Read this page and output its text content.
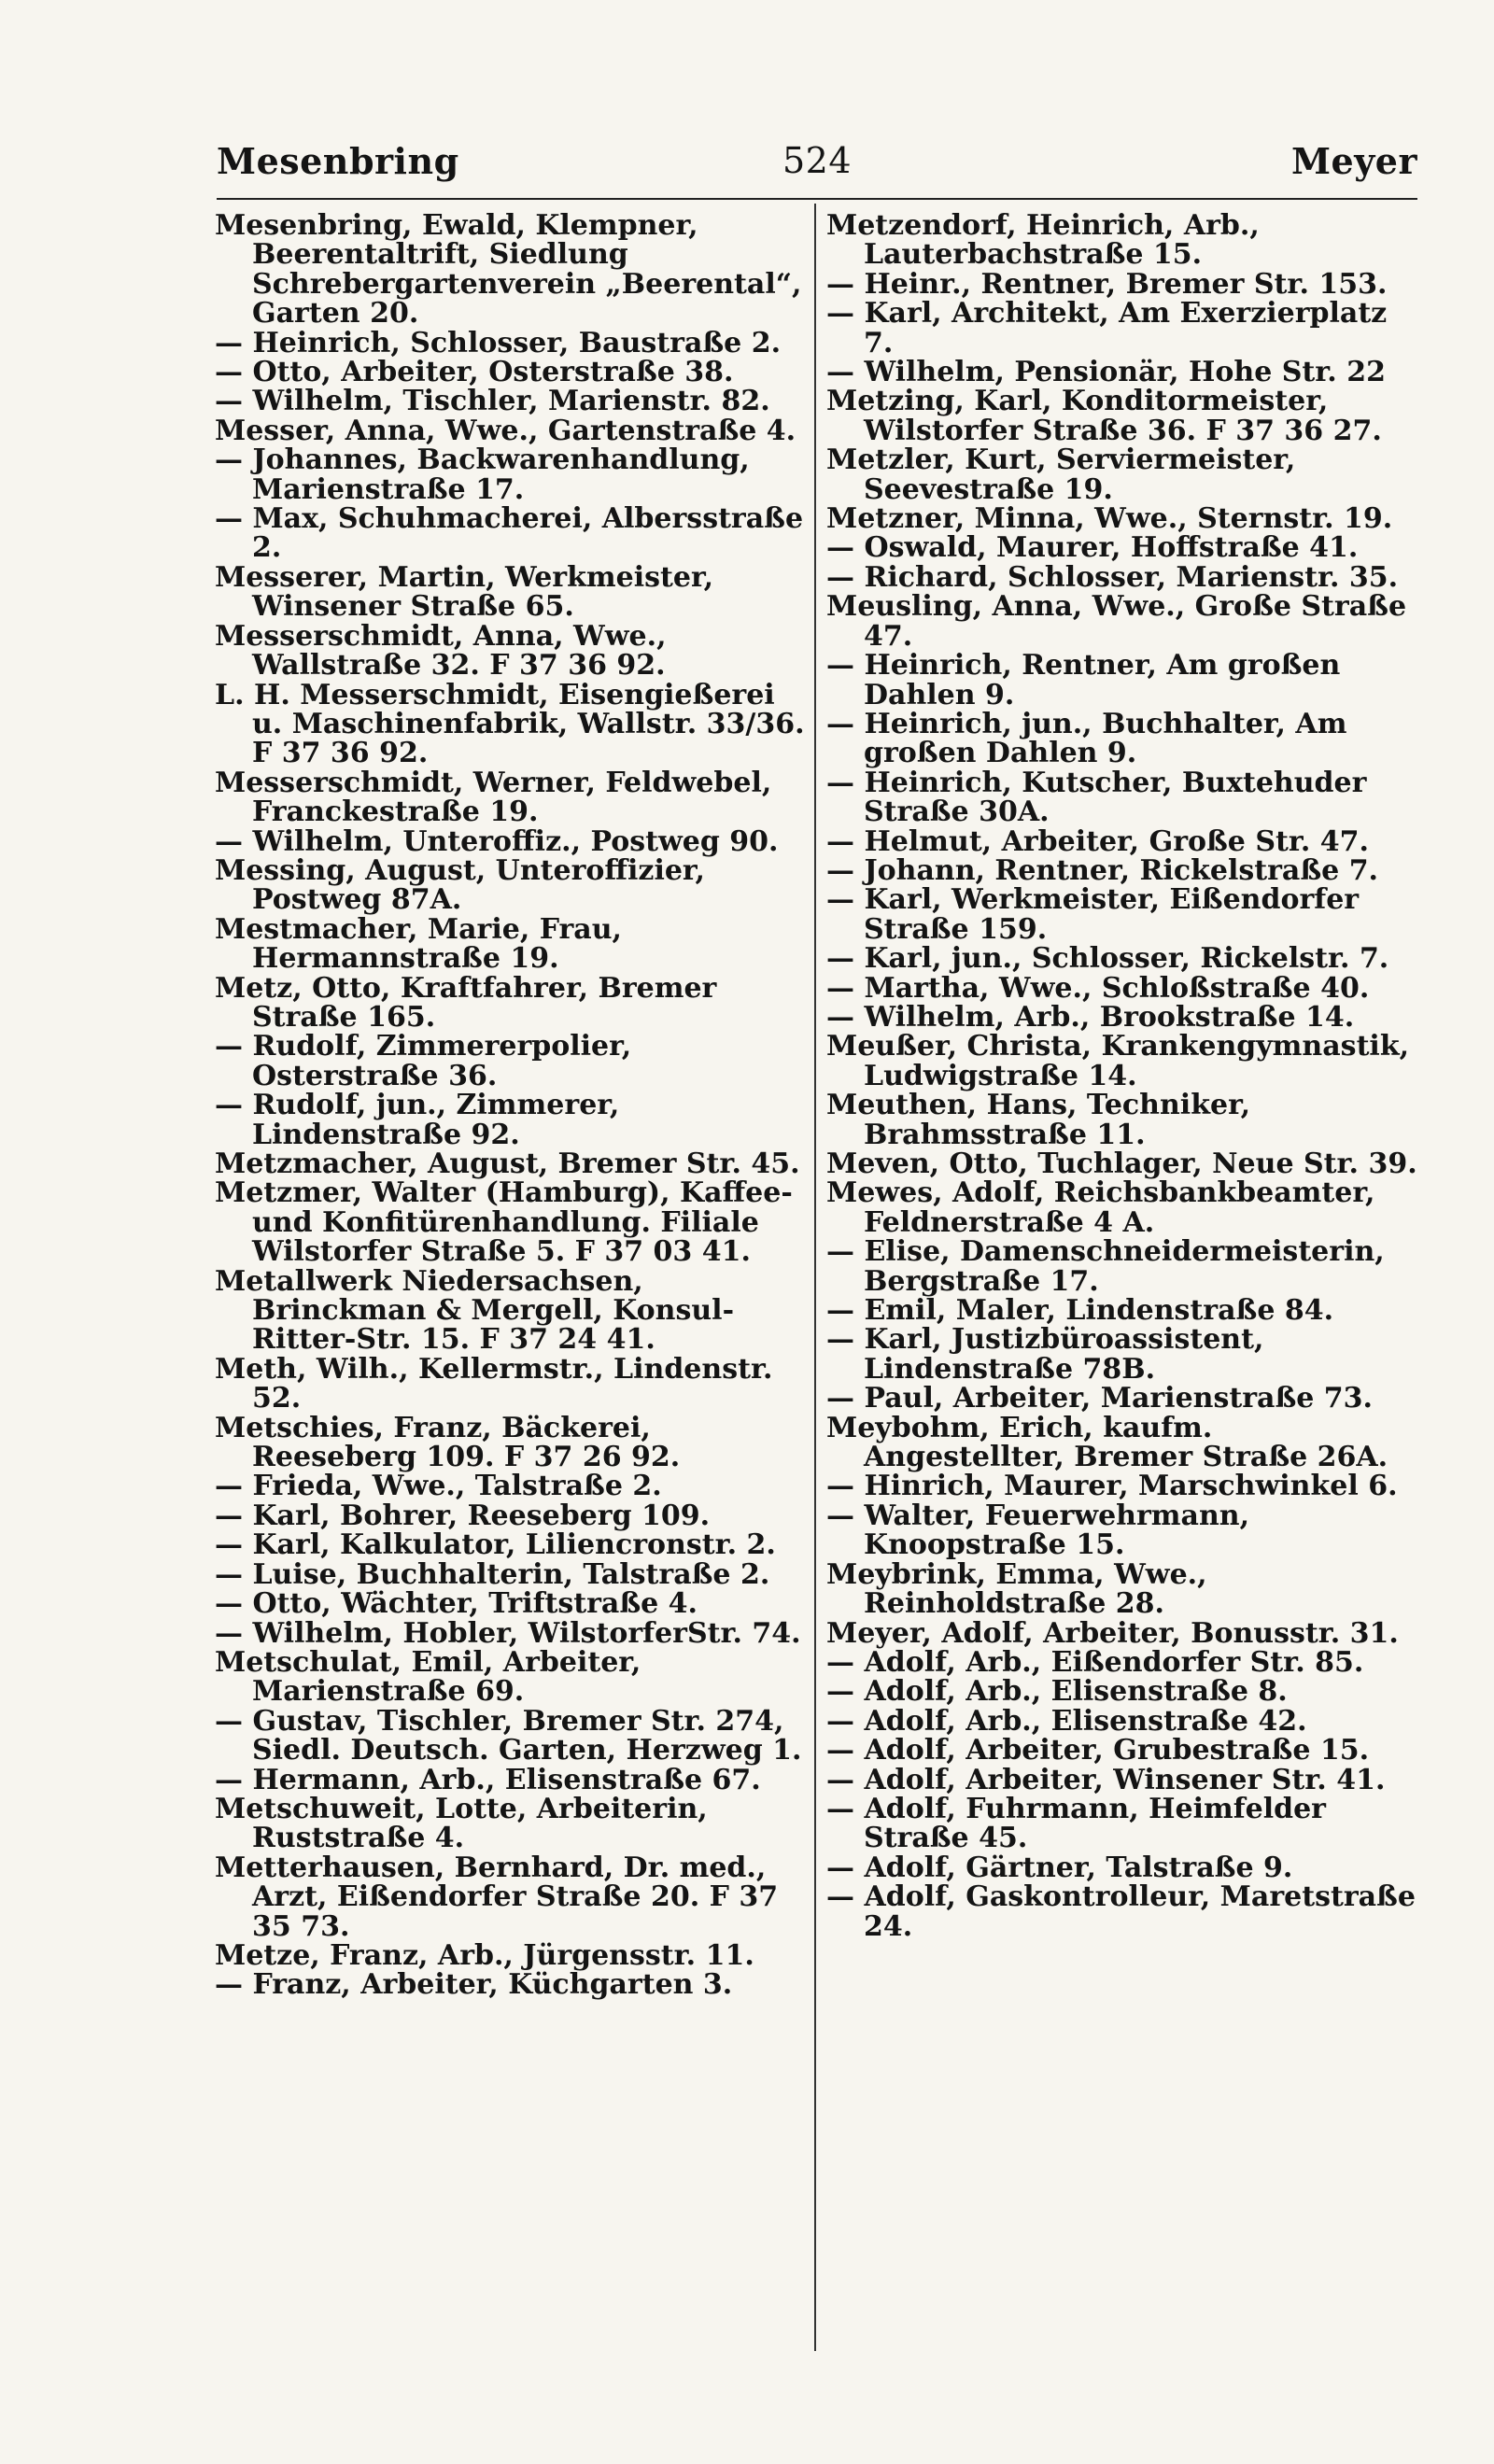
Mesenbring	524	Meyer

Mesenbring, Ewald, Klempner, Beerentaltrift, Siedlung Schrebergartenverein „Beerental“, Garten 20.

— Heinrich, Schlosser, Baustraße 2.

— Otto, Arbeiter, Osterstraße 38.

— Wilhelm, Tischler, Marienstr. 82.

Messer, Anna, Wwe., Gartenstraße 4.

— Johannes, Backwarenhandlung, Marienstraße 17.

— Max, Schuhmacherei, Albersstraße 2.

Messerer, Martin, Werkmeister, Winsener Straße 65.

Messerschmidt, Anna, Wwe., Wallstraße 32. F 37 36 92.

L. H. Messerschmidt, Eisengießerei u. Maschinenfabrik, Wallstr. 33/36. F 37 36 92.

Messerschmidt, Werner, Feldwebel, Franckestraße 19.

— Wilhelm, Unteroffiz., Postweg 90.

Messing, August, Unteroffizier, Postweg 87A.

Mestmacher, Marie, Frau, Hermannstraße 19.

Metz, Otto, Kraftfahrer, Bremer Straße 165.

— Rudolf, Zimmererpolier, Osterstraße 36.

— Rudolf, jun., Zimmerer, Lindenstraße 92.

Metzmacher, August, Bremer Str. 45.

Metzmer, Walter (Hamburg), Kaffee- und Konfitürenhandlung. Filiale Wilstorfer Straße 5. F 37 03 41.

Metallwerk Niedersachsen, Brinckman & Mergell, Konsul-Ritter-Str. 15. F 37 24 41.

Meth, Wilh., Kellermstr., Lindenstr. 52.

Metschies, Franz, Bäckerei, Reeseberg 109. F 37 26 92.

— Frieda, Wwe., Talstraße 2.

— Karl, Bohrer, Reeseberg 109.

— Karl, Kalkulator, Liliencronstr. 2.

— Luise, Buchhalterin, Talstraße 2.

— Otto, Wächter, Triftstraße 4.

— Wilhelm, Hobler, WilstorferStr. 74.

Metschulat, Emil, Arbeiter, Marienstraße 69.

— Gustav, Tischler, Bremer Str. 274, Siedl. Deutsch. Garten, Herzweg 1.

— Hermann, Arb., Elisenstraße 67.

Metschuweit, Lotte, Arbeiterin, Ruststraße 4.

Metterhausen, Bernhard, Dr. med., Arzt, Eißendorfer Straße 20. F 37 35 73.

Metze, Franz, Arb., Jürgensstr. 11.

— Franz, Arbeiter, Küchgarten 3.

Metzendorf, Heinrich, Arb., Lauterbachstraße 15.

— Heinr., Rentner, Bremer Str. 153.

— Karl, Architekt, Am Exerzierplatz 7.

— Wilhelm, Pensionär, Hohe Str. 22

Metzing, Karl, Konditormeister, Wilstorfer Straße 36. F 37 36 27.

Metzler, Kurt, Serviermeister, Seevestraße 19.

Metzner, Minna, Wwe., Sternstr. 19.

— Oswald, Maurer, Hoffstraße 41.

— Richard, Schlosser, Marienstr. 35.

Meusling, Anna, Wwe., Große Straße 47.

— Heinrich, Rentner, Am großen Dahlen 9.

— Heinrich, jun., Buchhalter, Am großen Dahlen 9.

— Heinrich, Kutscher, Buxtehuder Straße 30A.

— Helmut, Arbeiter, Große Str. 47.

— Johann, Rentner, Rickelstraße 7.

— Karl, Werkmeister, Eißendorfer Straße 159.

— Karl, jun., Schlosser, Rickelstr. 7.

— Martha, Wwe., Schloßstraße 40.

— Wilhelm, Arb., Brookstraße 14.

Meußer, Christa, Krankengymnastik, Ludwigstraße 14.

Meuthen, Hans, Techniker, Brahmsstraße 11.

Meven, Otto, Tuchlager, Neue Str. 39.

Mewes, Adolf, Reichsbankbeamter, Feldnerstraße 4 A.

— Elise, Damenschneidermeisterin, Bergstraße 17.

— Emil, Maler, Lindenstraße 84.

— Karl, Justizbüroassistent, Lindenstraße 78B.

— Paul, Arbeiter, Marienstraße 73.

Meybohm, Erich, kaufm. Angestellter, Bremer Straße 26A.

— Hinrich, Maurer, Marschwinkel 6.

— Walter, Feuerwehrmann, Knoopstraße 15.

Meybrink, Emma, Wwe., Reinholdstraße 28.

Meyer, Adolf, Arbeiter, Bonusstr. 31.

— Adolf, Arb., Eißendorfer Str. 85.

— Adolf, Arb., Elisenstraße 8.

— Adolf, Arb., Elisenstraße 42.

— Adolf, Arbeiter, Grubestraße 15.

— Adolf, Arbeiter, Winsener Str. 41.

— Adolf, Fuhrmann, Heimfelder Straße 45.

— Adolf, Gärtner, Talstraße 9.

— Adolf, Gaskontrolleur, Maretstraße 24.
